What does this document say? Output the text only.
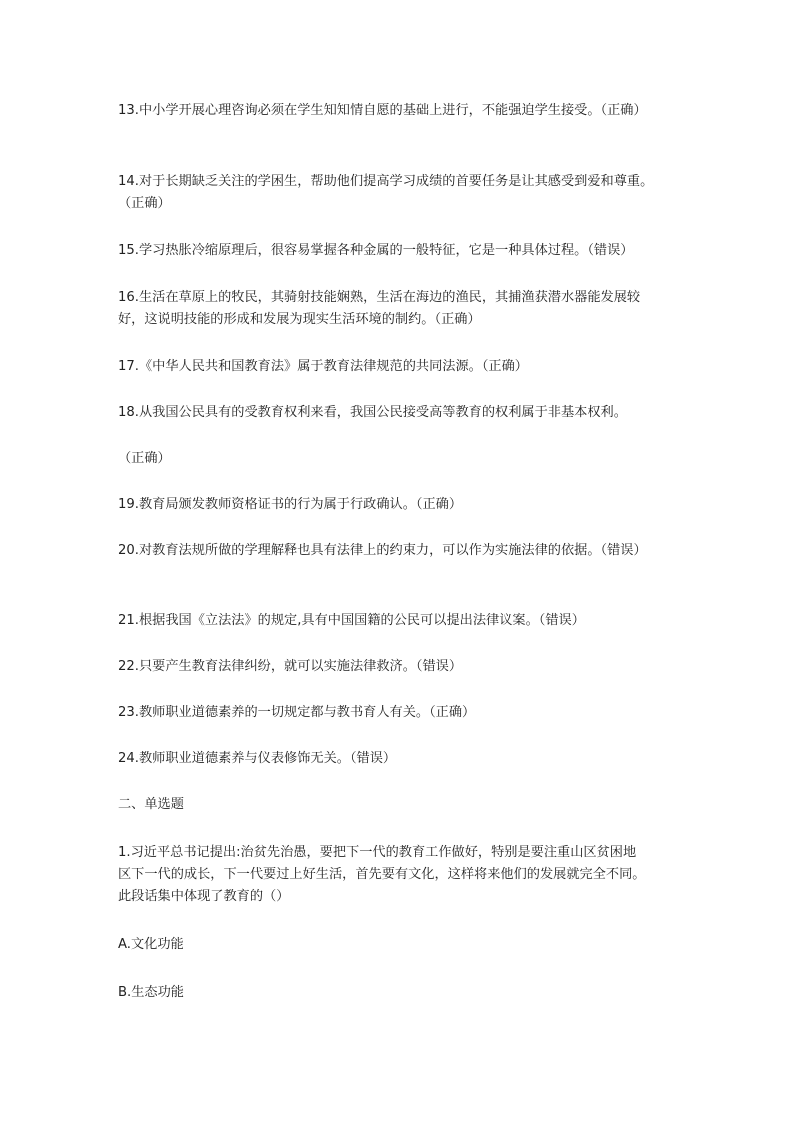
13.中小学开展心理咨询必须在学生知知情自愿的基础上进行，不能强迫学生接受。（正确）

14.对于长期缺乏关注的学困生，帮助他们提高学习成绩的首要任务是让其感受到爱和尊重。
（正确）

15.学习热胀冷缩原理后，很容易掌握各种金属的一般特征，它是一种具体过程。（错误）

16.生活在草原上的牧民，其骑射技能娴熟，生活在海边的渔民，其捕渔获潜水器能发展较
好，这说明技能的形成和发展为现实生活环境的制约。（正确）

17.《中华人民共和国教育法》属于教育法律规范的共同法源。（正确）

18.从我国公民具有的受教育权利来看，我国公民接受高等教育的权利属于非基本权利。

（正确）

19.教育局颁发教师资格证书的行为属于行政确认。（正确）

20.对教育法规所做的学理解释也具有法律上的约束力，可以作为实施法律的依据。（错误）

21.根据我国《立法法》的规定,具有中国国籍的公民可以提出法律议案。（错误）

22.只要产生教育法律纠纷，就可以实施法律救济。（错误）

23.教师职业道德素养的一切规定都与教书育人有关。（正确）

24.教师职业道德素养与仪表修饰无关。（错误）

二、单选题

1.习近平总书记提出:治贫先治愚，要把下一代的教育工作做好，特别是要注重山区贫困地
区下一代的成长，下一代要过上好生活，首先要有文化，这样将来他们的发展就完全不同。
此段话集中体现了教育的（）

A.文化功能

B.生态功能
